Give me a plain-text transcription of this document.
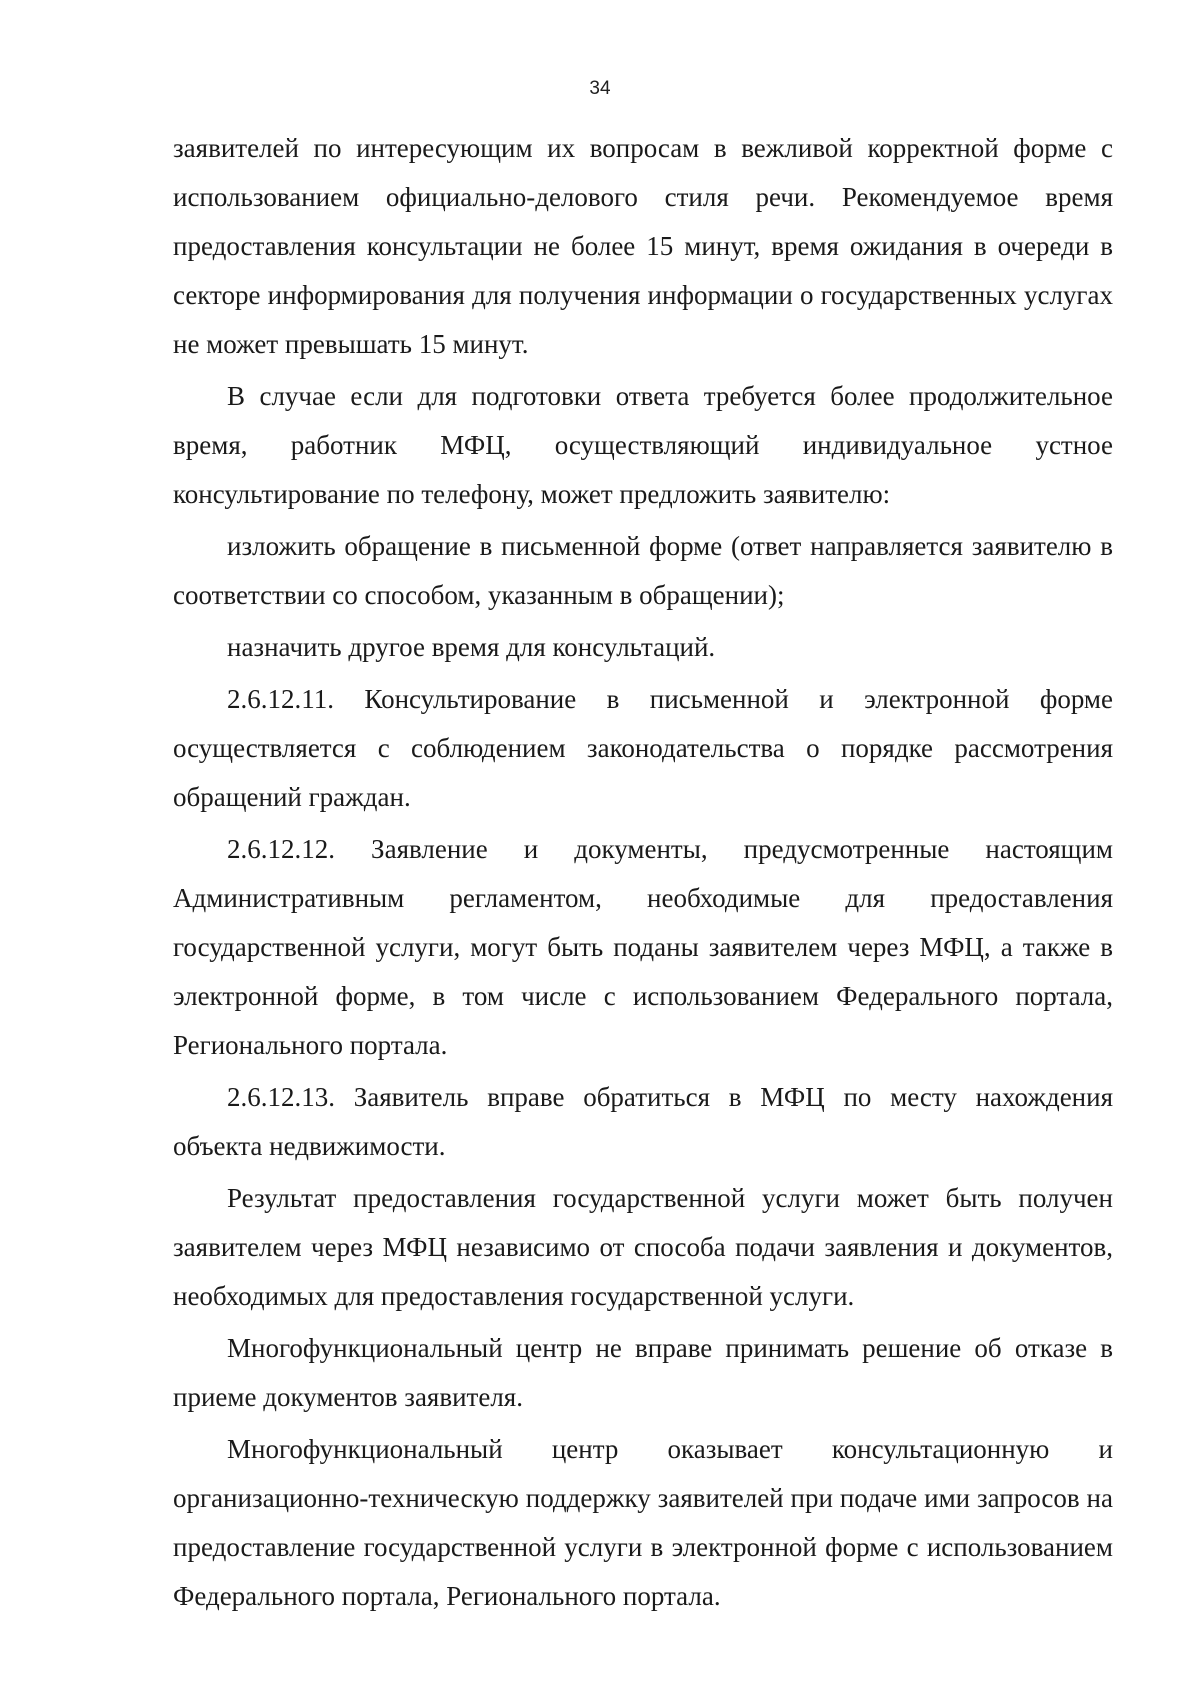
34

заявителей по интересующим их вопросам в вежливой корректной форме с использованием официально-делового стиля речи. Рекомендуемое время предоставления консультации не более 15 минут, время ожидания в очереди в секторе информирования для получения информации о государственных услугах не может превышать 15 минут.

В случае если для подготовки ответа требуется более продолжительное время, работник МФЦ, осуществляющий индивидуальное устное консультирование по телефону, может предложить заявителю:

изложить обращение в письменной форме (ответ направляется заявителю в соответствии со способом, указанным в обращении);

назначить другое время для консультаций.

2.6.12.11. Консультирование в письменной и электронной форме осуществляется с соблюдением законодательства о порядке рассмотрения обращений граждан.

2.6.12.12. Заявление и документы, предусмотренные настоящим Административным регламентом, необходимые для предоставления государственной услуги, могут быть поданы заявителем через МФЦ, а также в электронной форме, в том числе с использованием Федерального портала, Регионального портала.

2.6.12.13. Заявитель вправе обратиться в МФЦ по месту нахождения объекта недвижимости.

Результат предоставления государственной услуги может быть получен заявителем через МФЦ независимо от способа подачи заявления и документов, необходимых для предоставления государственной услуги.

Многофункциональный центр не вправе принимать решение об отказе в приеме документов заявителя.

Многофункциональный центр оказывает консультационную и организационно-техническую поддержку заявителей при подаче ими запросов на предоставление государственной услуги в электронной форме с использованием Федерального портала, Регионального портала.
